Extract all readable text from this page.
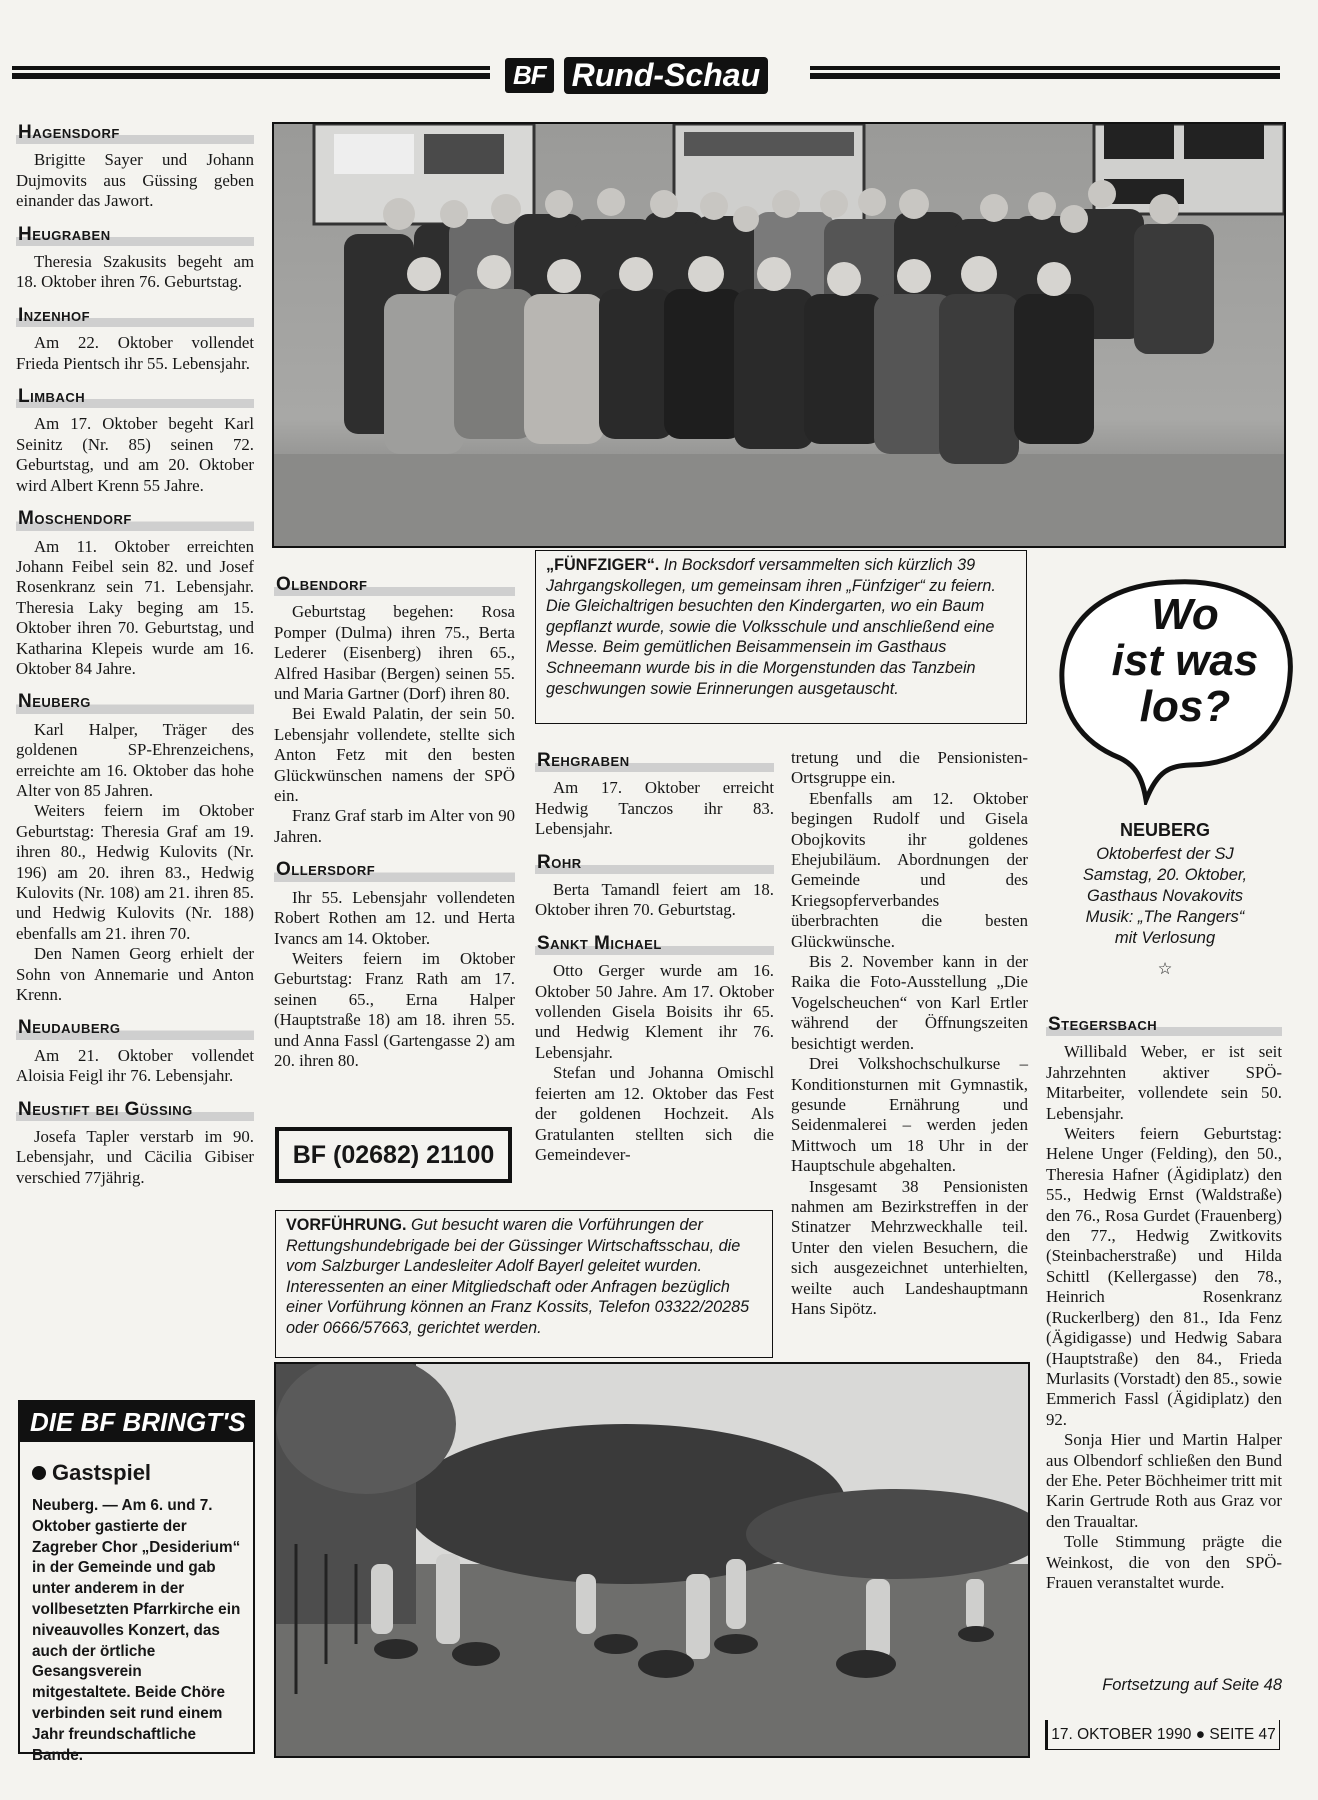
BF Rund-Schau
Hagensdorf

Brigitte Sayer und Johann Dujmovits aus Güssing geben einander das Jawort.

Heugraben

Theresia Szakusits begeht am 18. Oktober ihren 76. Geburtstag.

Inzenhof

Am 22. Oktober vollendet Frieda Pientsch ihr 55. Lebensjahr.

Limbach

Am 17. Oktober begeht Karl Seinitz (Nr. 85) seinen 72. Geburtstag, und am 20. Oktober wird Albert Krenn 55 Jahre.

Moschendorf

Am 11. Oktober erreichten Johann Feibel sein 82. und Josef Rosenkranz sein 71. Lebensjahr. Theresia Laky beging am 15. Oktober ihren 70. Geburtstag, und Katharina Klepeis wurde am 16. Oktober 84 Jahre.

Neuberg

Karl Halper, Träger des goldenen SP-Ehrenzeichens, erreichte am 16. Oktober das hohe Alter von 85 Jahren.

Weiters feiern im Oktober Geburtstag: Theresia Graf am 19. ihren 80., Hedwig Kulovits (Nr. 196) am 20. ihren 83., Hedwig Kulovits (Nr. 108) am 21. ihren 85. und Hedwig Kulovits (Nr. 188) ebenfalls am 21. ihren 70.

Den Namen Georg erhielt der Sohn von Annemarie und Anton Krenn.

Neudauberg

Am 21. Oktober vollendet Aloisia Feigl ihr 76. Lebensjahr.

Neustift bei Güssing

Josefa Tapler verstarb im 90. Lebensjahr, und Cäcilia Gibiser verschied 77jährig.

DIE BF BRINGT'S
Gastspiel
Neuberg. — Am 6. und 7. Oktober gastierte der Zagreber Chor „Desiderium“ in der Gemeinde und gab unter anderem in der vollbesetzten Pfarrkirche ein niveauvolles Konzert, das auch der örtliche Gesangsverein mitgestaltete. Beide Chöre verbinden seit rund einem Jahr freundschaftliche Bande.
„FÜNFZIGER“. In Bocksdorf versammelten sich kürzlich 39 Jahrgangskollegen, um gemeinsam ihren „Fünfziger“ zu feiern. Die Gleichaltrigen besuchten den Kindergarten, wo ein Baum gepflanzt wurde, sowie die Volksschule und anschließend eine Messe. Beim gemütlichen Beisammensein im Gasthaus Schneemann wurde bis in die Morgenstunden das Tanzbein geschwungen sowie Erinnerungen ausgetauscht.
Olbendorf

Geburtstag begehen: Rosa Pomper (Dulma) ihren 75., Berta Lederer (Eisenberg) ihren 65., Alfred Hasibar (Bergen) seinen 55. und Maria Gartner (Dorf) ihren 80.

Bei Ewald Palatin, der sein 50. Lebensjahr vollendete, stellte sich Anton Fetz mit den besten Glückwünschen namens der SPÖ ein.

Franz Graf starb im Alter von 90 Jahren.

Ollersdorf

Ihr 55. Lebensjahr vollendeten Robert Rothen am 12. und Herta Ivancs am 14. Oktober.

Weiters feiern im Oktober Geburtstag: Franz Rath am 17. seinen 65., Erna Halper (Hauptstraße 18) am 18. ihren 55. und Anna Fassl (Gartengasse 2) am 20. ihren 80.

BF (02682) 21100
Rehgraben

Am 17. Oktober erreicht Hedwig Tanczos ihr 83. Lebensjahr.

Rohr

Berta Tamandl feiert am 18. Oktober ihren 70. Geburtstag.

Sankt Michael

Otto Gerger wurde am 16. Oktober 50 Jahre. Am 17. Oktober vollenden Gisela Boisits ihr 65. und Hedwig Klement ihr 76. Lebensjahr.

Stefan und Johanna Omischl feierten am 12. Oktober das Fest der goldenen Hochzeit. Als Gratulanten stellten sich die Gemeindever-

tretung und die Pensionisten-Ortsgruppe ein.

Ebenfalls am 12. Oktober begingen Rudolf und Gisela Obojkovits ihr goldenes Ehejubiläum. Abordnungen der Gemeinde und des Kriegsopferverbandes überbrachten die besten Glückwünsche.

Bis 2. November kann in der Raika die Foto-Ausstellung „Die Vogelscheuchen“ von Karl Ertler während der Öffnungszeiten besichtigt werden.

Drei Volkshochschulkurse – Konditionsturnen mit Gymnastik, gesunde Ernährung und Seidenmalerei – werden jeden Mittwoch um 18 Uhr in der Hauptschule abgehalten.

Insgesamt 38 Pensionisten nahmen am Bezirkstreffen in der Stinatzer Mehrzweckhalle teil. Unter den vielen Besuchern, die sich ausgezeichnet unterhielten, weilte auch Landeshauptmann Hans Sipötz.

VORFÜHRUNG. Gut besucht waren die Vorführungen der Rettungshundebrigade bei der Güssinger Wirtschaftsschau, die vom Salzburger Landesleiter Adolf Bayerl geleitet wurden. Interessenten an einer Mitgliedschaft oder Anfragen bezüglich einer Vorführung können an Franz Kossits, Telefon 03322/20285 oder 0666/57663, gerichtet werden.
Wo
ist was
los?
NEUBERG
Oktoberfest der SJ
Samstag, 20. Oktober,
Gasthaus Novakovits
Musik: „The Rangers“
mit Verlosung
☆
Stegersbach

Willibald Weber, er ist seit Jahrzehnten aktiver SPÖ-Mitarbeiter, vollendete sein 50. Lebensjahr.

Weiters feiern Geburtstag: Helene Unger (Felding), den 50., Theresia Hafner (Ägidiplatz) den 55., Hedwig Ernst (Waldstraße) den 76., Rosa Gurdet (Frauenberg) den 77., Hedwig Zwitkovits (Steinbacherstraße) und Hilda Schittl (Kellergasse) den 78., Heinrich Rosenkranz (Ruckerlberg) den 81., Ida Fenz (Ägidigasse) und Hedwig Sabara (Hauptstraße) den 84., Frieda Murlasits (Vorstadt) den 85., sowie Emmerich Fassl (Ägidiplatz) den 92.

Sonja Hier und Martin Halper aus Olbendorf schließen den Bund der Ehe. Peter Böchheimer tritt mit Karin Gertrude Roth aus Graz vor den Traualtar.

Tolle Stimmung prägte die Weinkost, die von den SPÖ-Frauen veranstaltet wurde.

Fortsetzung auf Seite 48
17. OKTOBER 1990 ● SEITE 47
